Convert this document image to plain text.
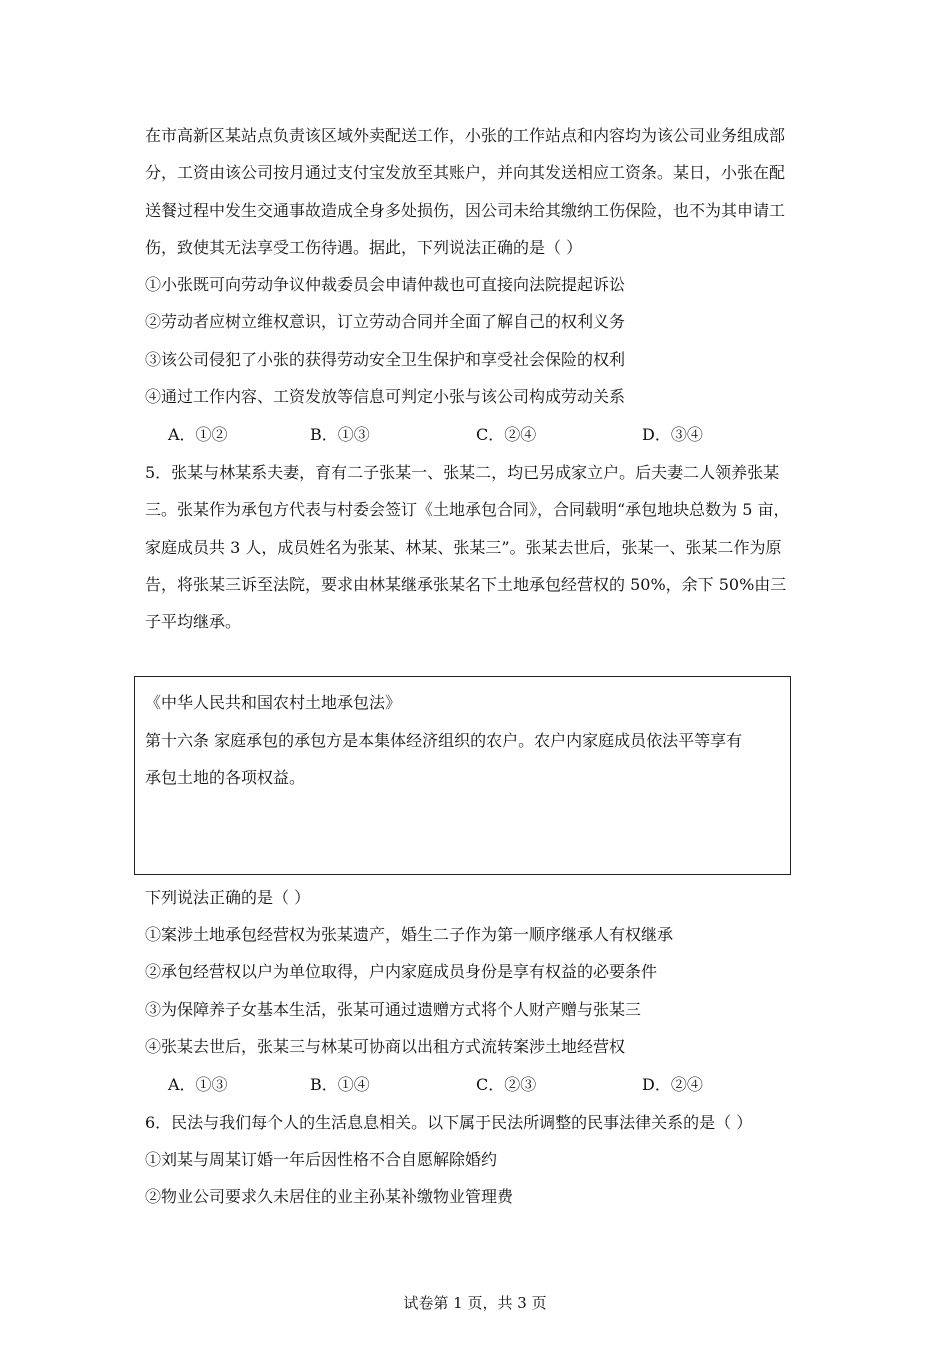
在市高新区某站点负责该区域外卖配送工作，小张的工作站点和内容均为该公司业务组成部
分，工资由该公司按月通过支付宝发放至其账户，并向其发送相应工资条。某日，小张在配
送餐过程中发生交通事故造成全身多处损伤，因公司未给其缴纳工伤保险，也不为其申请工
伤，致使其无法享受工伤待遇。据此，下列说法正确的是（ ）
①小张既可向劳动争议仲裁委员会申请仲裁也可直接向法院提起诉讼
②劳动者应树立维权意识，订立劳动合同并全面了解自己的权利义务
③该公司侵犯了小张的获得劳动安全卫生保护和享受社会保险的权利
④通过工作内容、工资发放等信息可判定小张与该公司构成劳动关系
A．①②	B．①③	C．②④	D．③④
5．张某与林某系夫妻，育有二子张某一、张某二，均已另成家立户。后夫妻二人领养张某
三。张某作为承包方代表与村委会签订《土地承包合同》，合同载明“承包地块总数为 5 亩，
家庭成员共 3 人，成员姓名为张某、林某、张某三”。张某去世后，张某一、张某二作为原
告，将张某三诉至法院，要求由林某继承张某名下土地承包经营权的 50%，余下 50%由三
子平均继承。
《中华人民共和国农村土地承包法》
第十六条 家庭承包的承包方是本集体经济组织的农户。农户内家庭成员依法平等享有
承包土地的各项权益。
下列说法正确的是（ ）
①案涉土地承包经营权为张某遗产，婚生二子作为第一顺序继承人有权继承
②承包经营权以户为单位取得，户内家庭成员身份是享有权益的必要条件
③为保障养子女基本生活，张某可通过遗赠方式将个人财产赠与张某三
④张某去世后，张某三与林某可协商以出租方式流转案涉土地经营权
A．①③	B．①④	C．②③	D．②④
6．民法与我们每个人的生活息息相关。以下属于民法所调整的民事法律关系的是（ ）
①刘某与周某订婚一年后因性格不合自愿解除婚约
②物业公司要求久未居住的业主孙某补缴物业管理费
试卷第 1 页，共 3 页
